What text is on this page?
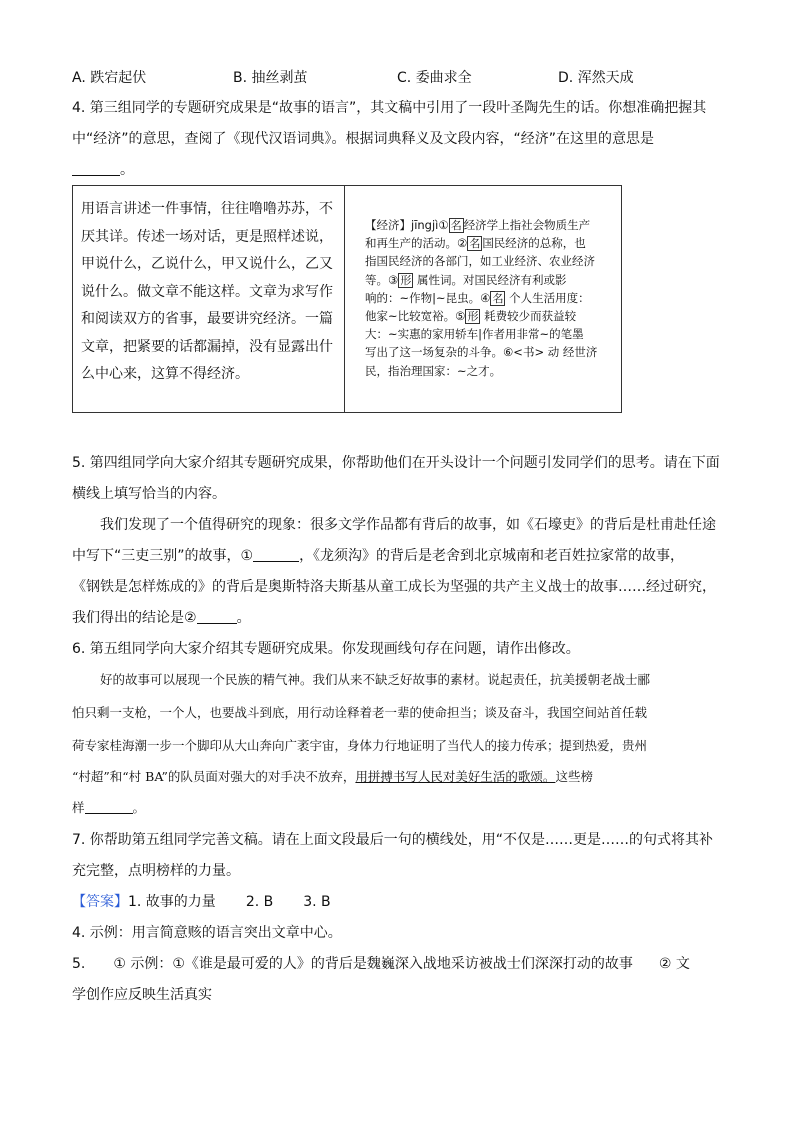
A. 跌宕起伏	B. 抽丝剥茧	C. 委曲求全	D. 浑然天成
4. 第三组同学的专题研究成果是“故事的语言”，其文稿中引用了一段叶圣陶先生的话。你想准确把握其
中“经济”的意思，查阅了《现代汉语词典》。根据词典释义及文段内容，“经济”在这里的意思是
。
用语言讲述一件事情，往往噜噜苏苏，不
厌其详。传述一场对话，更是照样述说，
甲说什么，乙说什么，甲又说什么，乙又
说什么。做文章不能这样。文章为求写作
和阅读双方的省事，最要讲究经济。一篇
文章，把紧要的话都漏掉，没有显露出什
么中心来，这算不得经济。
【经济】jīngjì① 名 经济学上指社会物质生产
和再生产的活动。② 名 国民经济的总称，也
指国民经济的各部门，如工业经济、农业经济
等。③ 形 属性词。对国民经济有利或影
响的：~作物|~昆虫。④ 名 个人生活用度：
他家~比较宽裕。⑤ 形 耗费较少而获益较
大：~实惠的家用轿车|作者用非常~的笔墨
写出了这一场复杂的斗争。⑥<书> 动 经世济
民，指治理国家：~之才。
5. 第四组同学向大家介绍其专题研究成果，你帮助他们在开头设计一个问题引发同学们的思考。请在下面
横线上填写恰当的内容。
我们发现了一个值得研究的现象：很多文学作品都有背后的故事，如《石壕吏》的背后是杜甫赴任途
中写下“三吏三别”的故事，①	，《龙须沟》的背后是老舍到北京城南和老百姓拉家常的故事，
《钢铁是怎样炼成的》的背后是奥斯特洛夫斯基从童工成长为坚强的共产主义战士的故事……经过研究，
我们得出的结论是②	。
6. 第五组同学向大家介绍其专题研究成果。你发现画线句存在问题，请作出修改。
好的故事可以展现一个民族的精气神。我们从来不缺乏好故事的素材。说起责任，抗美援朝老战士郦
怕只剩一支枪，一个人，也要战斗到底，用行动诠释着老一辈的使命担当；谈及奋斗，我国空间站首任载
荷专家桂海潮一步一个脚印从大山奔向广袤宇宙，身体力行地证明了当代人的接力传承；提到热爱，贵州
“村超”和“村 BA”的队员面对强大的对手决不放弃，用拼搏书写人民对美好生活的歌颂。这些榜
样	。
7. 你帮助第五组同学完善文稿。请在上面文段最后一句的横线处，用“不仅是……更是……的句式将其补
充完整，点明榜样的力量。
【答案】1. 故事的力量 2. B 3. B
4. 示例：用言简意赅的语言突出文章中心。
5. ① 示例：①《谁是最可爱的人》的背后是魏巍深入战地采访被战士们深深打动的故事 ② 文
学创作应反映生活真实
